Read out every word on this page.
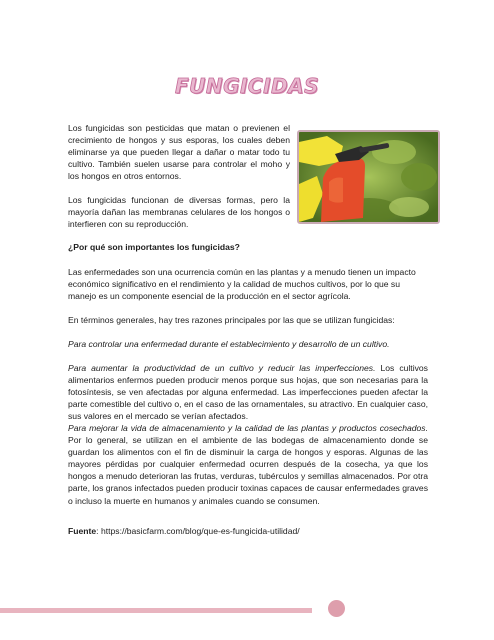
FUNGICIDAS

Los fungicidas son pesticidas que matan o previenen el crecimiento de hongos y sus esporas, los cuales deben eliminarse ya que pueden llegar a dañar o matar todo tu cultivo. También suelen usarse para controlar el moho y los hongos en otros entornos.

Los fungicidas funcionan de diversas formas, pero la mayoría dañan las membranas celulares de los hongos o interfieren con su reproducción.

¿Por qué son importantes los fungicidas?

Las enfermedades son una ocurrencia común en las plantas y a menudo tienen un impacto económico significativo en el rendimiento y la calidad de muchos cultivos, por lo que su manejo es un componente esencial de la producción en el sector agrícola.

En términos generales, hay tres razones principales por las que se utilizan fungicidas:

Para controlar una enfermedad durante el establecimiento y desarrollo de un cultivo.

Para aumentar la productividad de un cultivo y reducir las imperfecciones. Los cultivos alimentarios enfermos pueden producir menos porque sus hojas, que son necesarias para la fotosíntesis, se ven afectadas por alguna enfermedad. Las imperfecciones pueden afectar la parte comestible del cultivo o, en el caso de las ornamentales, su atractivo. En cualquier caso, sus valores en el mercado se verían afectados.

Para mejorar la vida de almacenamiento y la calidad de las plantas y productos cosechados. Por lo general, se utilizan en el ambiente de las bodegas de almacenamiento donde se guardan los alimentos con el fin de disminuir la carga de hongos y esporas. Algunas de las mayores pérdidas por cualquier enfermedad ocurren después de la cosecha, ya que los hongos a menudo deterioran las frutas, verduras, tubérculos y semillas almacenados. Por otra parte, los granos infectados pueden producir toxinas capaces de causar enfermedades graves o incluso la muerte en humanos y animales cuando se consumen.

Fuente: https://basicfarm.com/blog/que-es-fungicida-utilidad/
